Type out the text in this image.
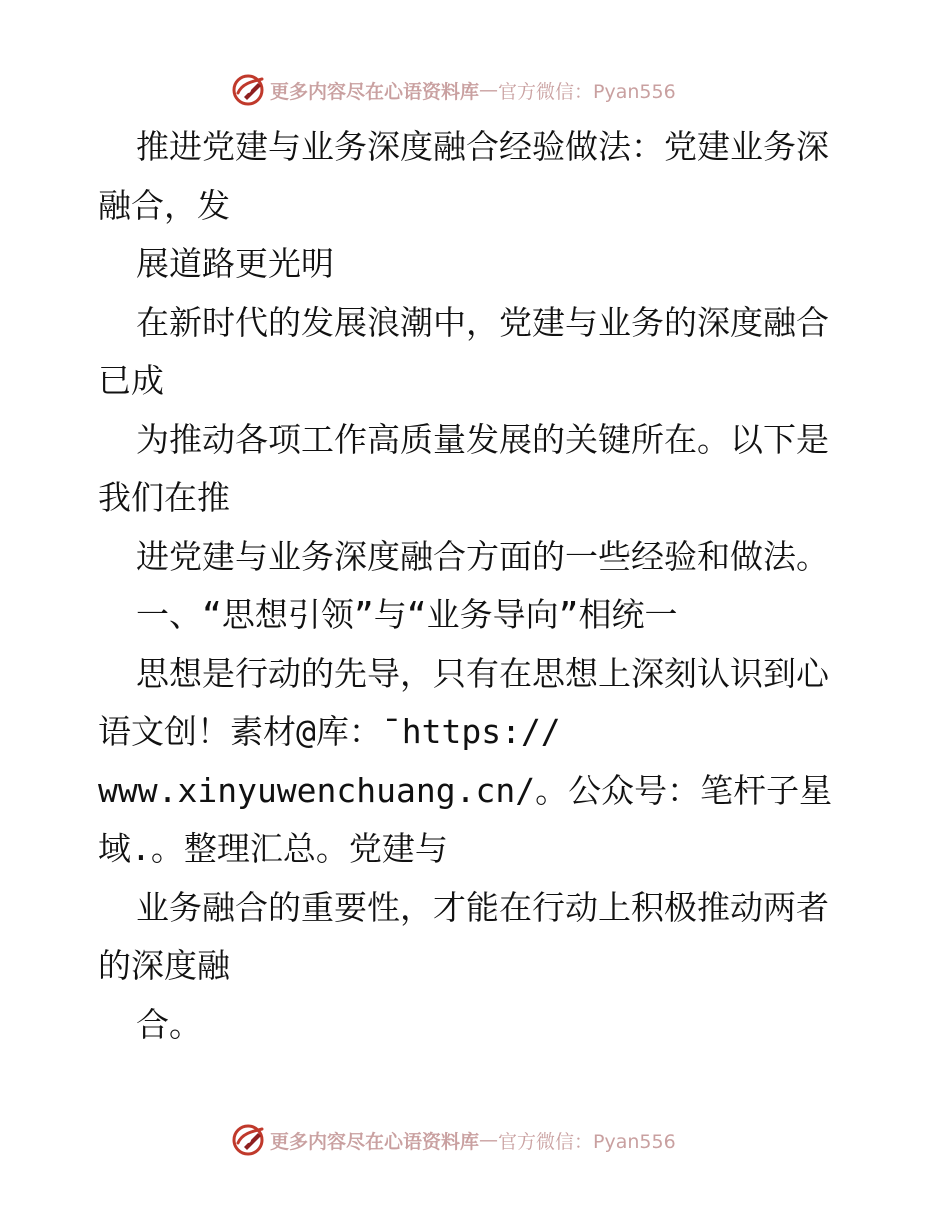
更多内容尽在心语资料库 — 官方微信：Pyan556
推进党建与业务深度融合经验做法：党建业务深
融合，发
展道路更光明
在新时代的发展浪潮中，党建与业务的深度融合
已成
为推动各项工作高质量发展的关键所在。以下是
我们在推
进党建与业务深度融合方面的一些经验和做法。
一、“思想引领”与“业务导向”相统一
思想是行动的先导，只有在思想上深刻认识到心
语文创！素材@库：¯https://
www.xinyuwenchuang.cn/。公众号：笔杆子星
域.。整理汇总。党建与
业务融合的重要性，才能在行动上积极推动两者
的深度融
合。
更多内容尽在心语资料库 — 官方微信：Pyan556
